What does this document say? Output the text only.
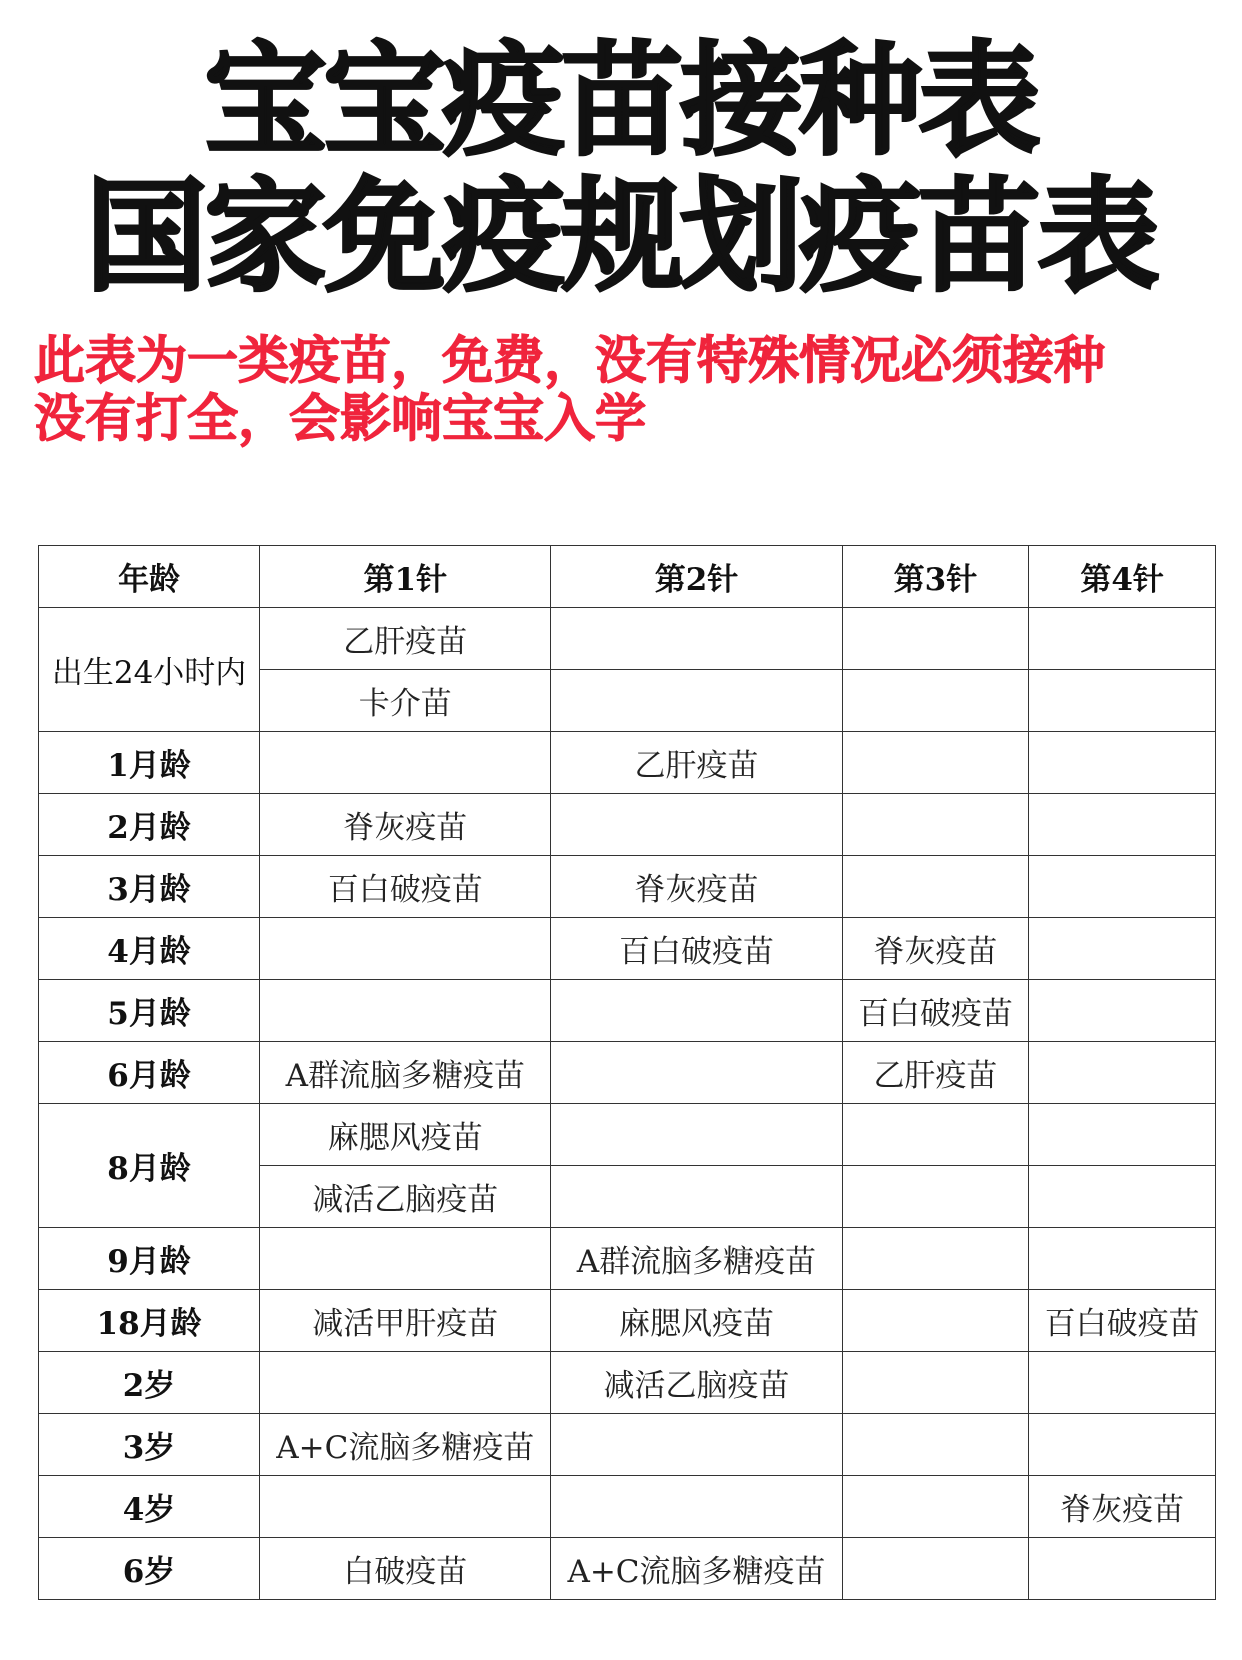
宝宝疫苗接种表
国家免疫规划疫苗表
此表为一类疫苗，免费，没有特殊情况必须接种
没有打全，会影响宝宝入学
年龄	第1针	第2针	第3针	第4针
出生24小时内	乙肝疫苗			
	卡介苗			
1月龄		乙肝疫苗		
2月龄	脊灰疫苗			
3月龄	百白破疫苗	脊灰疫苗		
4月龄		百白破疫苗	脊灰疫苗	
5月龄			百白破疫苗	
6月龄	A群流脑多糖疫苗		乙肝疫苗	
8月龄	麻腮风疫苗			
	减活乙脑疫苗			
9月龄		A群流脑多糖疫苗		
18月龄	减活甲肝疫苗	麻腮风疫苗		百白破疫苗
2岁		减活乙脑疫苗		
3岁	A+C流脑多糖疫苗			
4岁				脊灰疫苗
6岁	白破疫苗	A+C流脑多糖疫苗		
